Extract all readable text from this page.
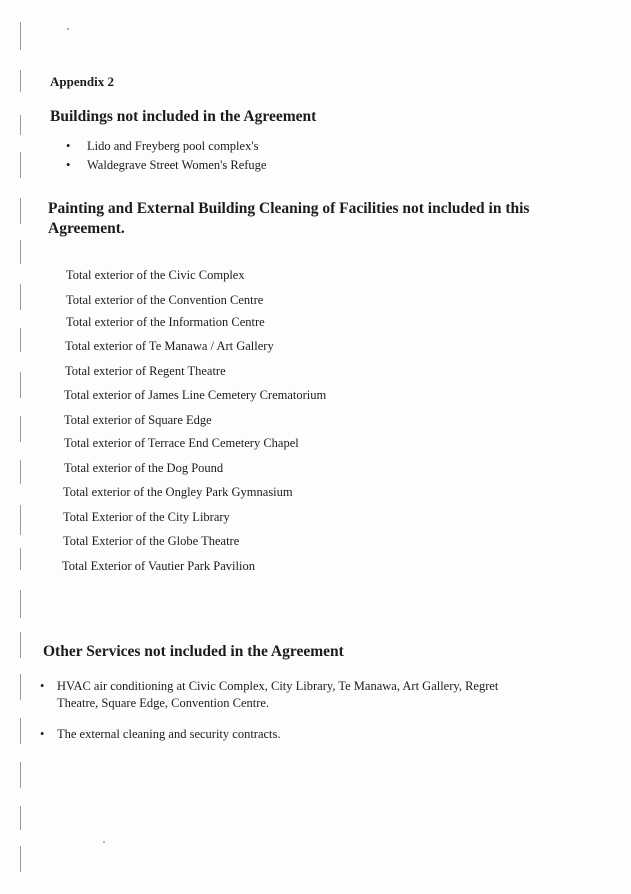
Appendix 2
Buildings not included in the Agreement
• Lido and Freyberg pool complex's
• Waldegrave Street Women's Refuge
Painting and External Building Cleaning of Facilities not included in this Agreement.
Total exterior of the Civic Complex
Total exterior of the Convention Centre
Total exterior of the Information Centre
Total exterior of Te Manawa / Art Gallery
Total exterior of Regent Theatre
Total exterior of James Line Cemetery Crematorium
Total exterior of Square Edge
Total exterior of Terrace End Cemetery Chapel
Total exterior of the Dog Pound
Total exterior of the Ongley Park Gymnasium
Total Exterior of the City Library
Total Exterior of the Globe Theatre
Total Exterior of Vautier Park Pavilion
Other Services not included in the Agreement
• HVAC air conditioning at Civic Complex, City Library, Te Manawa, Art Gallery, Regret Theatre, Square Edge, Convention Centre.
• The external cleaning and security contracts.
